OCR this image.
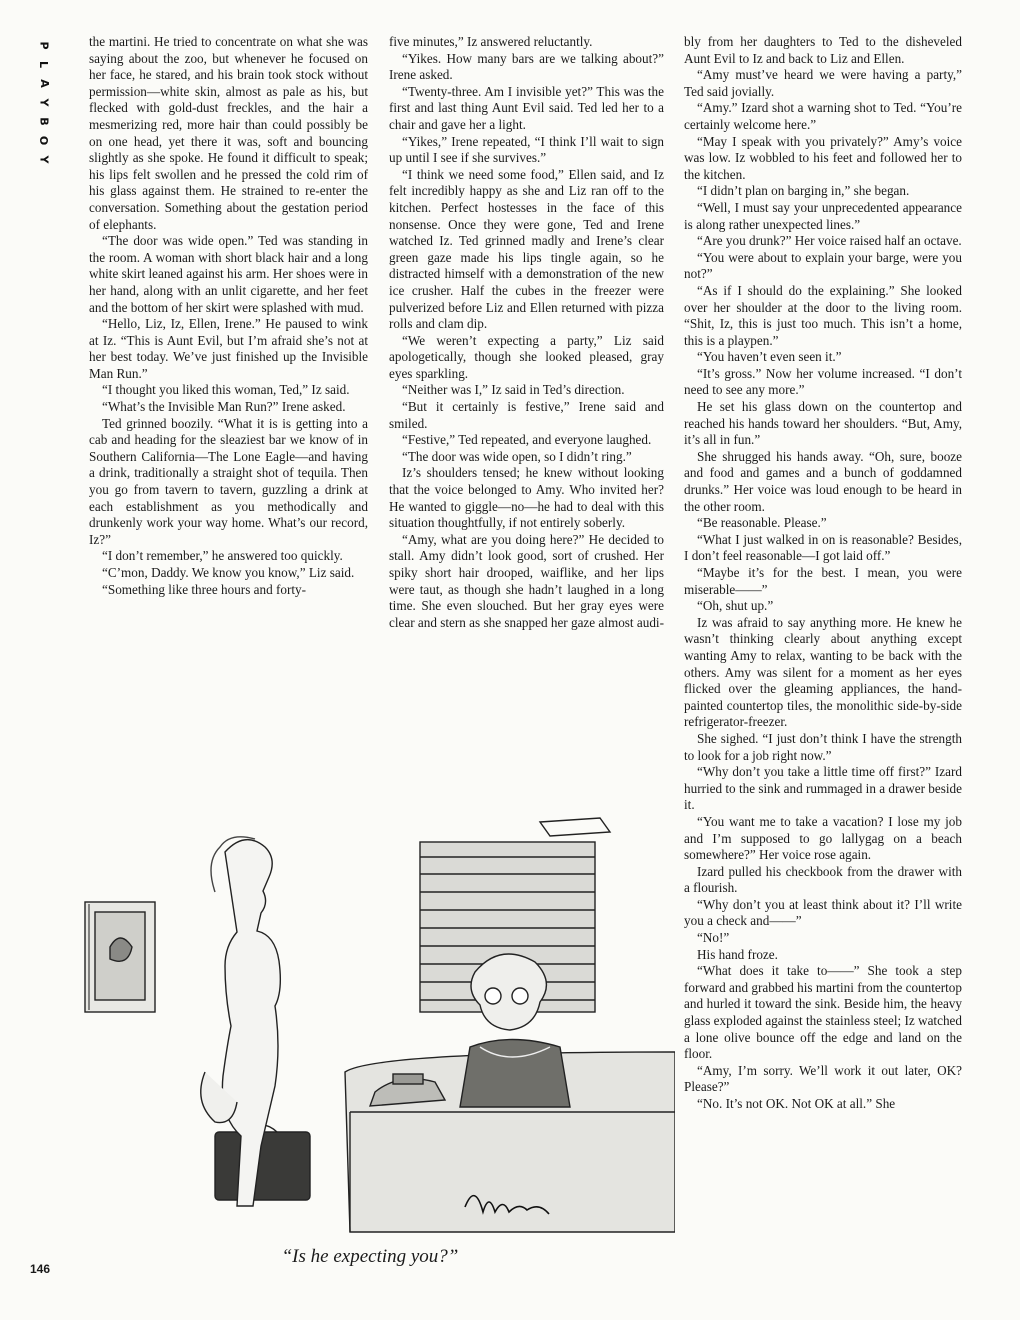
P
L
A
Y
B
O
Y

the martini. He tried to concentrate on what she was saying about the zoo, but whenever he focused on her face, he stared, and his brain took stock without permission—white skin, almost as pale as his, but flecked with gold-dust freckles, and the hair a mesmerizing red, more hair than could possibly be on one head, yet there it was, soft and bouncing slightly as she spoke. He found it difficult to speak; his lips felt swollen and he pressed the cold rim of his glass against them. He strained to re-enter the conversation. Something about the gestation period of elephants.

“The door was wide open.” Ted was standing in the room. A woman with short black hair and a long white skirt leaned against his arm. Her shoes were in her hand, along with an unlit cigarette, and her feet and the bottom of her skirt were splashed with mud.

“Hello, Liz, Iz, Ellen, Irene.” He paused to wink at Iz. “This is Aunt Evil, but I’m afraid she’s not at her best today. We’ve just finished up the Invisible Man Run.”

“I thought you liked this woman, Ted,” Iz said.

“What’s the Invisible Man Run?” Irene asked.

Ted grinned boozily. “What it is is getting into a cab and heading for the sleaziest bar we know of in Southern California—The Lone Eagle—and having a drink, traditionally a straight shot of tequila. Then you go from tavern to tavern, guzzling a drink at each establishment as you methodically and drunkenly work your way home. What’s our record, Iz?”

“I don’t remember,” he answered too quickly.

“C’mon, Daddy. We know you know,” Liz said.

“Something like three hours and forty-

five minutes,” Iz answered reluctantly.

“Yikes. How many bars are we talking about?” Irene asked.

“Twenty-three. Am I invisible yet?” This was the first and last thing Aunt Evil said. Ted led her to a chair and gave her a light.

“Yikes,” Irene repeated, “I think I’ll wait to sign up until I see if she survives.”

“I think we need some food,” Ellen said, and Iz felt incredibly happy as she and Liz ran off to the kitchen. Perfect hostesses in the face of this nonsense. Once they were gone, Ted and Irene watched Iz. Ted grinned madly and Irene’s clear green gaze made his lips tingle again, so he distracted himself with a demonstration of the new ice crusher. Half the cubes in the freezer were pulverized before Liz and Ellen returned with pizza rolls and clam dip.

“We weren’t expecting a party,” Liz said apologetically, though she looked pleased, gray eyes sparkling.

“Neither was I,” Iz said in Ted’s direction.

“But it certainly is festive,” Irene said and smiled.

“Festive,” Ted repeated, and everyone laughed.

“The door was wide open, so I didn’t ring.”

Iz’s shoulders tensed; he knew without looking that the voice belonged to Amy. Who invited her? He wanted to giggle—no—he had to deal with this situation thoughtfully, if not entirely soberly.

“Amy, what are you doing here?” He decided to stall. Amy didn’t look good, sort of crushed. Her spiky short hair drooped, waiflike, and her lips were taut, as though she hadn’t laughed in a long time. She even slouched. But her gray eyes were clear and stern as she snapped her gaze almost audi-

bly from her daughters to Ted to the disheveled Aunt Evil to Iz and back to Liz and Ellen.

“Amy must’ve heard we were having a party,” Ted said jovially.

“Amy.” Izard shot a warning shot to Ted. “You’re certainly welcome here.”

“May I speak with you privately?” Amy’s voice was low. Iz wobbled to his feet and followed her to the kitchen.

“I didn’t plan on barging in,” she began.

“Well, I must say your unprecedented appearance is along rather unexpected lines.”

“Are you drunk?” Her voice raised half an octave.

“You were about to explain your barge, were you not?”

“As if I should do the explaining.” She looked over her shoulder at the door to the living room. “Shit, Iz, this is just too much. This isn’t a home, this is a playpen.”

“You haven’t even seen it.”

“It’s gross.” Now her volume increased. “I don’t need to see any more.”

He set his glass down on the countertop and reached his hands toward her shoulders. “But, Amy, it’s all in fun.”

She shrugged his hands away. “Oh, sure, booze and food and games and a bunch of goddamned drunks.” Her voice was loud enough to be heard in the other room.

“Be reasonable. Please.”

“What I just walked in on is reasonable? Besides, I don’t feel reasonable—I got laid off.”

“Maybe it’s for the best. I mean, you were miserable——”

“Oh, shut up.”

Iz was afraid to say anything more. He knew he wasn’t thinking clearly about anything except wanting Amy to relax, wanting to be back with the others. Amy was silent for a moment as her eyes flicked over the gleaming appliances, the hand-painted countertop tiles, the monolithic side-by-side refrigerator-freezer.

She sighed. “I just don’t think I have the strength to look for a job right now.”

“Why don’t you take a little time off first?” Izard hurried to the sink and rummaged in a drawer beside it.

“You want me to take a vacation? I lose my job and I’m supposed to go lallygag on a beach somewhere?” Her voice rose again.

Izard pulled his checkbook from the drawer with a flourish.

“Why don’t you at least think about it? I’ll write you a check and——”

“No!”

His hand froze.

“What does it take to——” She took a step forward and grabbed his martini from the countertop and hurled it toward the sink. Beside him, the heavy glass exploded against the stainless steel; Iz watched a lone olive bounce off the edge and land on the floor.

“Amy, I’m sorry. We’ll work it out later, OK? Please?”

“No. It’s not OK. Not OK at all.” She

“Is he expecting you?”
146
